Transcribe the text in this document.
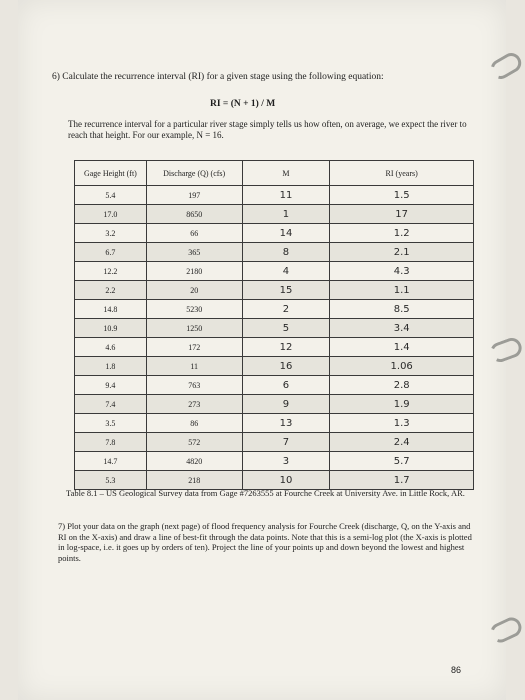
6) Calculate the recurrence interval (RI) for a given stage using the following equation:
RI = (N + 1) / M
The recurrence interval for a particular river stage simply tells us how often, on average, we expect the river to reach that height. For our example, N = 16.
Gage Height (ft)	Discharge (Q) (cfs)	M	RI (years)
5.4	197	11	1.5
17.0	8650	1	17
3.2	66	14	1.2
6.7	365	8	2.1
12.2	2180	4	4.3
2.2	20	15	1.1
14.8	5230	2	8.5
10.9	1250	5	3.4
4.6	172	12	1.4
1.8	11	16	1.06
9.4	763	6	2.8
7.4	273	9	1.9
3.5	86	13	1.3
7.8	572	7	2.4
14.7	4820	3	5.7
5.3	218	10	1.7
Table 8.1 – US Geological Survey data from Gage #7263555 at Fourche Creek at University Ave. in Little Rock, AR.
7) Plot your data on the graph (next page) of flood frequency analysis for Fourche Creek (discharge, Q, on the Y-axis and RI on the X-axis) and draw a line of best-fit through the data points. Note that this is a semi-log plot (the X-axis is plotted in log-space, i.e. it goes up by orders of ten). Project the line of your points up and down beyond the lowest and highest points.
86
